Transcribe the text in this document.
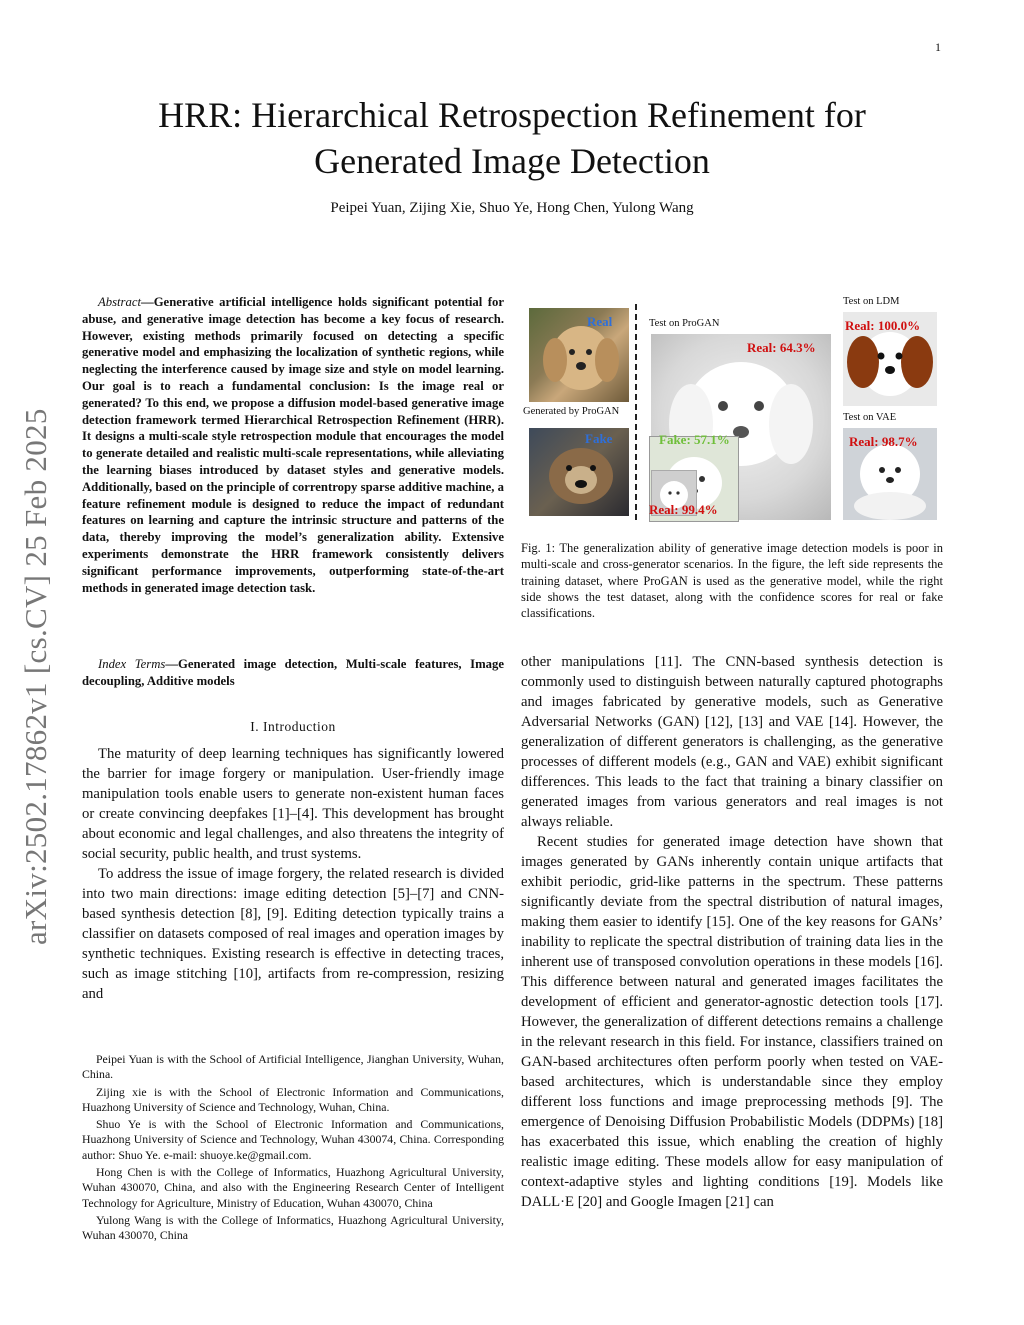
1
HRR: Hierarchical Retrospection Refinement for
Generated Image Detection
Peipei Yuan, Zijing Xie, Shuo Ye, Hong Chen, Yulong Wang
arXiv:2502.17862v1 [cs.CV] 25 Feb 2025
Abstract—Generative artificial intelligence holds significant potential for abuse, and generative image detection has become a key focus of research. However, existing methods primarily focused on detecting a specific generative model and emphasizing the localization of synthetic regions, while neglecting the interference caused by image size and style on model learning. Our goal is to reach a fundamental conclusion: Is the image real or generated? To this end, we propose a diffusion model-based generative image detection framework termed Hierarchical Retrospection Refinement (HRR). It designs a multi-scale style retrospection module that encourages the model to generate detailed and realistic multi-scale representations, while alleviating the learning biases introduced by dataset styles and generative models. Additionally, based on the principle of correntropy sparse additive machine, a feature refinement module is designed to reduce the impact of redundant features on learning and capture the intrinsic structure and patterns of the data, thereby improving the model’s generalization ability. Extensive experiments demonstrate the HRR framework consistently delivers significant performance improvements, outperforming state-of-the-art methods in generated image detection task.
Index Terms—Generated image detection, Multi-scale features, Image decoupling, Additive models
I. Introduction

The maturity of deep learning techniques has significantly lowered the barrier for image forgery or manipulation. User-friendly image manipulation tools enable users to generate non-existent human faces or create convincing deepfakes [1]–[4]. This development has brought about economic and legal challenges, and also threatens the integrity of social security, public health, and trust systems.

To address the issue of image forgery, the related research is divided into two main directions: image editing detection [5]–[7] and CNN-based synthesis detection [8], [9]. Editing detection typically trains a classifier on datasets composed of real images and operation images by synthetic techniques. Existing research is effective in detecting traces, such as image stitching [10], artifacts from re-compression, resizing and

Peipei Yuan is with the School of Artificial Intelligence, Jianghan University, Wuhan, China.

Zijing xie is with the School of Electronic Information and Communications, Huazhong University of Science and Technology, Wuhan, China.

Shuo Ye is with the School of Electronic Information and Communications, Huazhong University of Science and Technology, Wuhan 430074, China. Corresponding author: Shuo Ye. e-mail: shuoye.ke@gmail.com.

Hong Chen is with the College of Informatics, Huazhong Agricultural University, Wuhan 430070, China, and also with the Engineering Research Center of Intelligent Technology for Agriculture, Ministry of Education, Wuhan 430070, China

Yulong Wang is with the College of Informatics, Huazhong Agricultural University, Wuhan 430070, China

Real
Generated by ProGAN
Fake
Test on ProGAN
Real: 64.3%
Fake: 57.1%
Real: 99.4%
Test on LDM
Real: 100.0%
Test on VAE
Real: 98.7%
Fig. 1: The generalization ability of generative image detection models is poor in multi-scale and cross-generator scenarios. In the figure, the left side represents the training dataset, where ProGAN is used as the generative model, while the right side shows the test dataset, along with the confidence scores for real or fake classifications.

other manipulations [11]. The CNN-based synthesis detection is commonly used to distinguish between naturally captured photographs and images fabricated by generative models, such as Generative Adversarial Networks (GAN) [12], [13] and VAE [14]. However, the generalization of different generators is challenging, as the generative processes of different models (e.g., GAN and VAE) exhibit significant differences. This leads to the fact that training a binary classifier on generated images from various generators and real images is not always reliable.

Recent studies for generated image detection have shown that images generated by GANs inherently contain unique artifacts that exhibit periodic, grid-like patterns in the spectrum. These patterns significantly deviate from the spectral distribution of natural images, making them easier to identify [15]. One of the key reasons for GANs’ inability to replicate the spectral distribution of training data lies in the inherent use of transposed convolution operations in these models [16]. This difference between natural and generated images facilitates the development of efficient and generator-agnostic detection tools [17]. However, the generalization of different detections remains a challenge in the relevant research in this field. For instance, classifiers trained on GAN-based architectures often perform poorly when tested on VAE-based architectures, which is understandable since they employ different loss functions and image preprocessing methods [9]. The emergence of Denoising Diffusion Probabilistic Models (DDPMs) [18] has exacerbated this issue, which enabling the creation of highly realistic image editing. These models allow for easy manipulation of context-adaptive styles and lighting conditions [19]. Models like DALL·E [20] and Google Imagen [21] can
